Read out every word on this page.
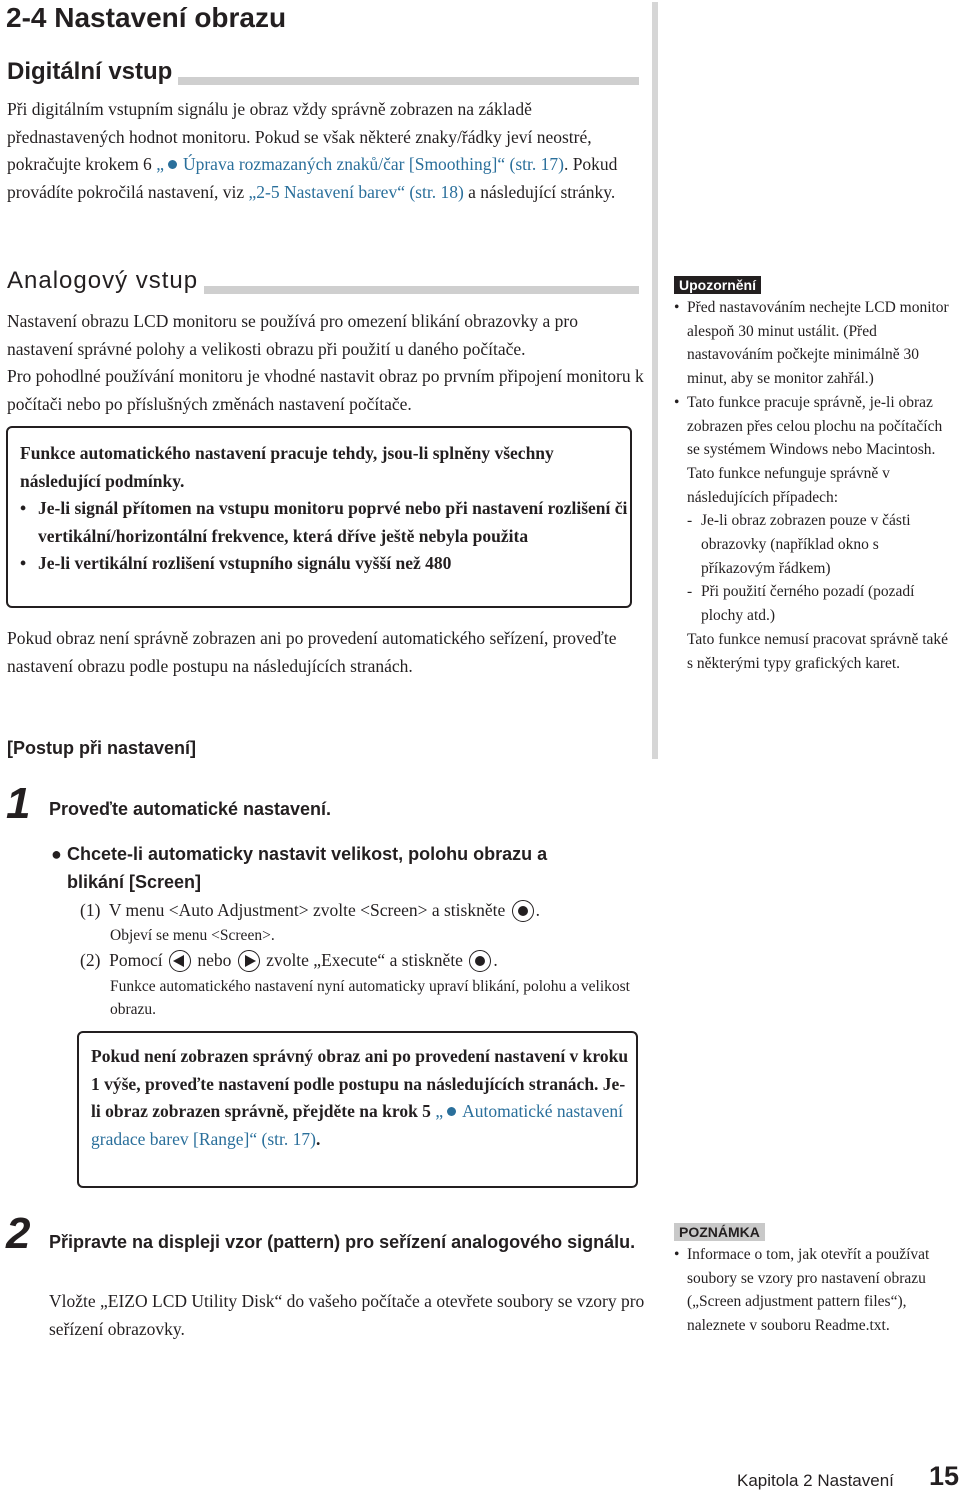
2-4 Nastavení obrazu
Digitální vstup
Při digitálním vstupním signálu je obraz vždy správně zobrazen na základě přednastavených hodnot monitoru. Pokud se však některé znaky/řádky jeví neostré, pokračujte krokem 6 „ Úprava rozmazaných znaků/čar [Smoothing]“ (str. 17). Pokud provádíte pokročilá nastavení, viz „2-5 Nastavení barev“ (str. 18) a následující stránky.
Analogový vstup
Nastavení obrazu LCD monitoru se používá pro omezení blikání obrazovky a pro nastavení správné polohy a velikosti obrazu při použití u daného počítače.
Pro pohodlné používání monitoru je vhodné nastavit obraz po prvním připojení monitoru k počítači nebo po příslušných změnách nastavení počítače.
Funkce automatického nastavení pracuje tehdy, jsou-li splněny všechny následující podmínky.
• Je-li signál přítomen na vstupu monitoru poprvé nebo při nastavení rozlišení či vertikální/horizontální frekvence, která dříve ještě nebyla použita
• Je-li vertikální rozlišení vstupního signálu vyšší než 480
Pokud obraz není správně zobrazen ani po provedení automatického seřízení, proveďte nastavení obrazu podle postupu na následujících stranách.
[Postup při nastavení]
1 Proveďte automatické nastavení.
● Chcete-li automaticky nastavit velikost, polohu obrazu a blikání [Screen]
(1) V menu <Auto Adjustment> zvolte <Screen> a stiskněte .
Objeví se menu <Screen>.
(2) Pomocí nebo zvolte „Execute“ a stiskněte .
Funkce automatického nastavení nyní automaticky upraví blikání, polohu a velikost obrazu.
Pokud není zobrazen správný obraz ani po provedení nastavení v kroku 1 výše, proveďte nastavení podle postupu na následujících stranách. Je-li obraz zobrazen správně, přejděte na krok 5 „ Automatické nastavení gradace barev [Range]“ (str. 17).
2 Připravte na displeji vzor (pattern) pro seřízení analogového signálu.
Vložte „EIZO LCD Utility Disk“ do vašeho počítače a otevřete soubory se vzory pro seřízení obrazovky.
Upozornění
• Před nastavováním nechejte LCD monitor alespoň 30 minut ustálit. (Před nastavováním počkejte minimálně 30 minut, aby se monitor zahřál.)
• Tato funkce pracuje správně, je-li obraz zobrazen přes celou plochu na počítačích se systémem Windows nebo Macintosh. Tato funkce nefunguje správně v následujících případech:
- Je-li obraz zobrazen pouze v části obrazovky (například okno s příkazovým řádkem)
- Při použití černého pozadí (pozadí plochy atd.)
Tato funkce nemusí pracovat správně také s některými typy grafických karet.
POZNÁMKA
• Informace o tom, jak otevřít a používat soubory se vzory pro nastavení obrazu („Screen adjustment pattern files“), naleznete v souboru Readme.txt.
Kapitola 2 Nastavení 15
